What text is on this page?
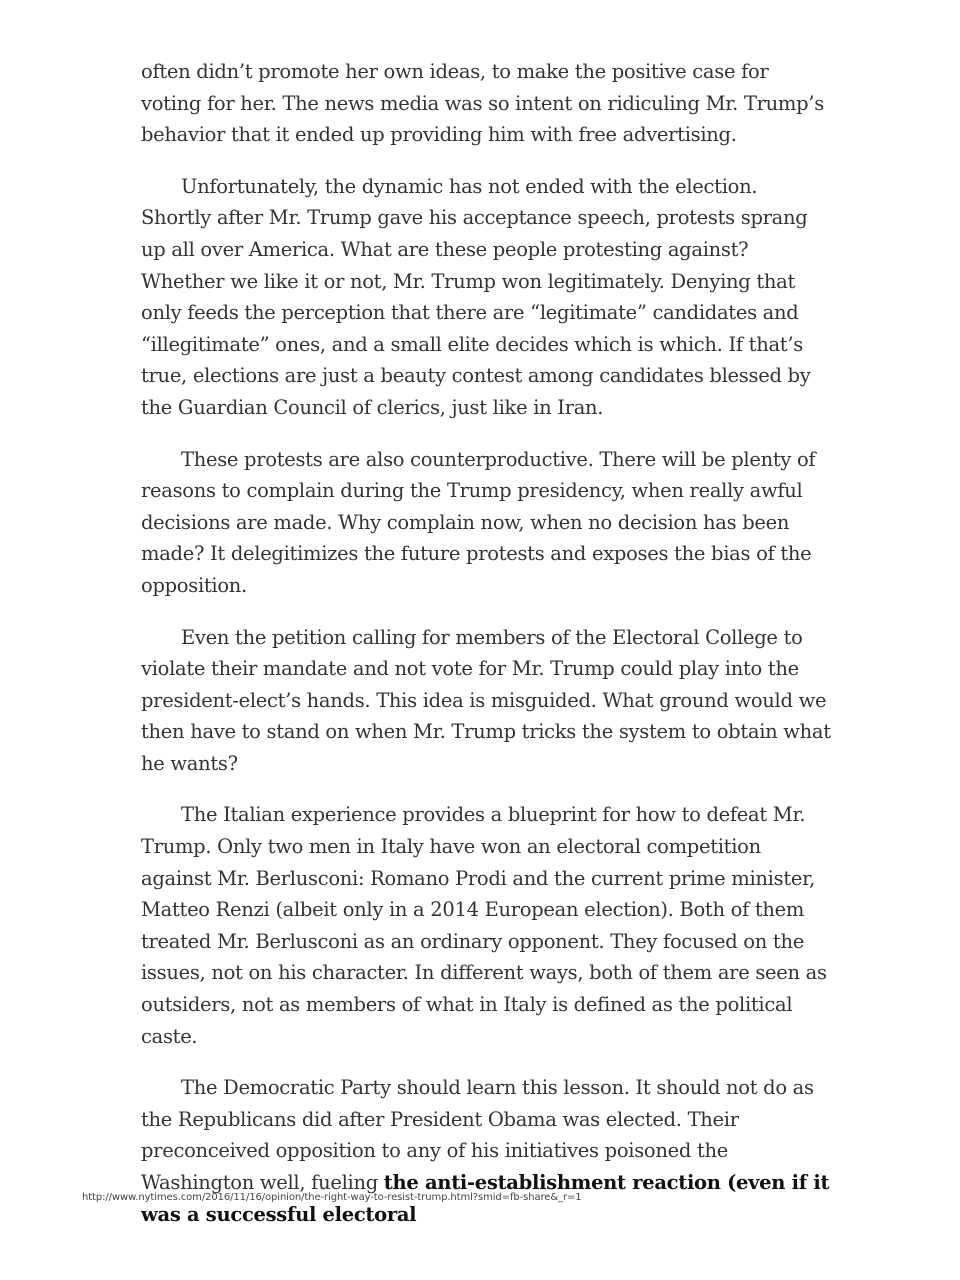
often didn’t promote her own ideas, to make the positive case for voting for her. The news media was so intent on ridiculing Mr. Trump’s behavior that it ended up providing him with free advertising.

Unfortunately, the dynamic has not ended with the election. Shortly after Mr. Trump gave his acceptance speech, protests sprang up all over America. What are these people protesting against? Whether we like it or not, Mr. Trump won legitimately. Denying that only feeds the perception that there are “legitimate” candidates and “illegitimate” ones, and a small elite decides which is which. If that’s true, elections are just a beauty contest among candidates blessed by the Guardian Council of clerics, just like in Iran.

These protests are also counterproductive. There will be plenty of reasons to complain during the Trump presidency, when really awful decisions are made. Why complain now, when no decision has been made? It delegitimizes the future protests and exposes the bias of the opposition.

Even the petition calling for members of the Electoral College to violate their mandate and not vote for Mr. Trump could play into the president-elect’s hands. This idea is misguided. What ground would we then have to stand on when Mr. Trump tricks the system to obtain what he wants?

The Italian experience provides a blueprint for how to defeat Mr. Trump. Only two men in Italy have won an electoral competition against Mr. Berlusconi: Romano Prodi and the current prime minister, Matteo Renzi (albeit only in a 2014 European election). Both of them treated Mr. Berlusconi as an ordinary opponent. They focused on the issues, not on his character. In different ways, both of them are seen as outsiders, not as members of what in Italy is defined as the political caste.

The Democratic Party should learn this lesson. It should not do as the Republicans did after President Obama was elected. Their preconceived opposition to any of his initiatives poisoned the Washington well, fueling the anti-establishment reaction (even if it was a successful electoral

http://www.nytimes.com/2016/11/16/opinion/the-right-way-to-resist-trump.html?smid=fb-share&_r=1
